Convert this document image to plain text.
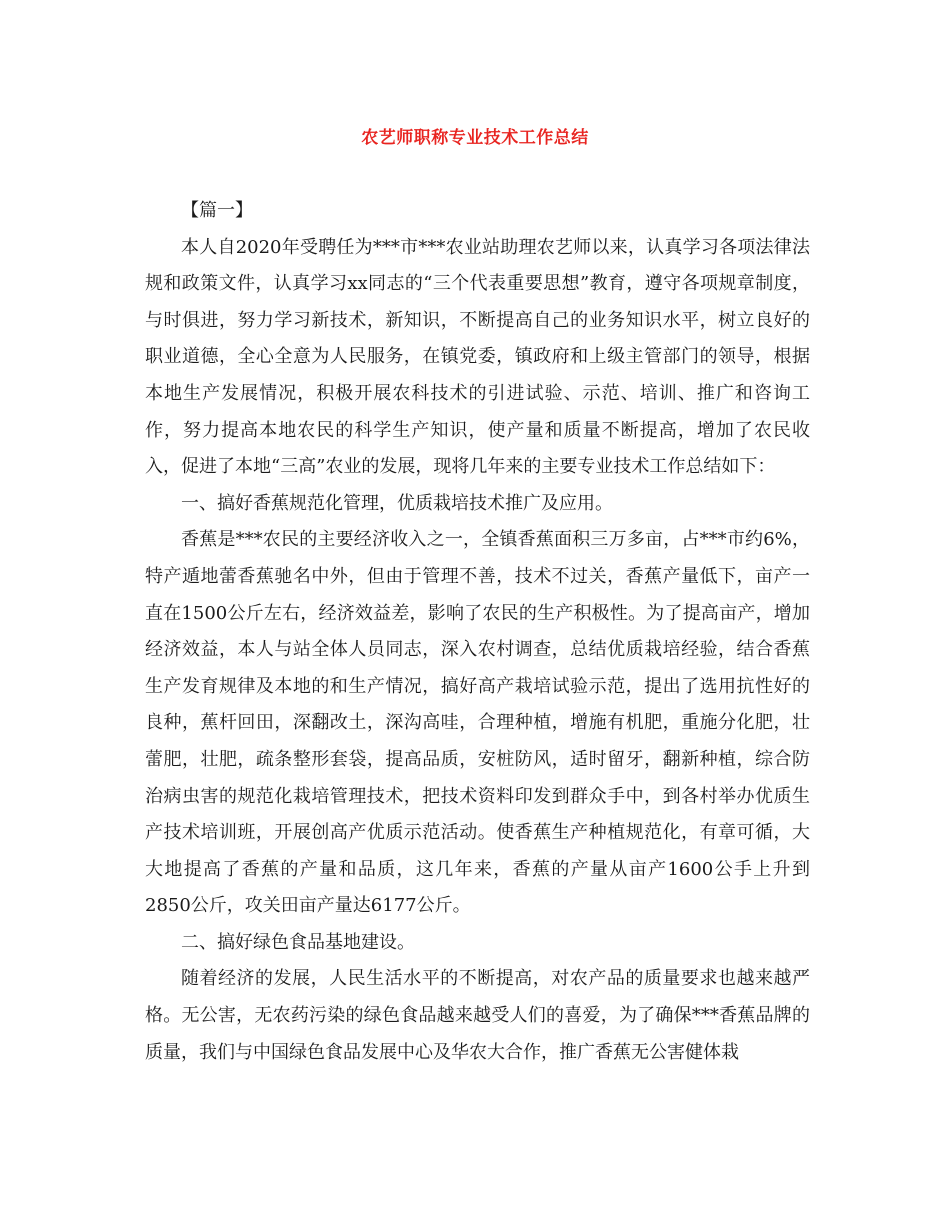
农艺师职称专业技术工作总结

【篇一】

本人自2020年受聘任为***市***农业站助理农艺师以来，认真学习各项法律法规和政策文件，认真学习xx同志的“三个代表重要思想”教育，遵守各项规章制度，与时俱进，努力学习新技术，新知识，不断提高自己的业务知识水平，树立良好的职业道德，全心全意为人民服务，在镇党委，镇政府和上级主管部门的领导，根据本地生产发展情况，积极开展农科技术的引进试验、示范、培训、推广和咨询工作，努力提高本地农民的科学生产知识，使产量和质量不断提高，增加了农民收入，促进了本地“三高”农业的发展，现将几年来的主要专业技术工作总结如下：

一、搞好香蕉规范化管理，优质栽培技术推广及应用。

香蕉是***农民的主要经济收入之一，全镇香蕉面积三万多亩，占***市约6%，特产遁地蕾香蕉驰名中外，但由于管理不善，技术不过关，香蕉产量低下，亩产一直在1500公斤左右，经济效益差，影响了农民的生产积极性。为了提高亩产，增加经济效益，本人与站全体人员同志，深入农村调查，总结优质栽培经验，结合香蕉生产发育规律及本地的和生产情况，搞好高产栽培试验示范，提出了选用抗性好的良种，蕉杆回田，深翻改土，深沟高哇，合理种植，增施有机肥，重施分化肥，壮蕾肥，壮肥，疏条整形套袋，提高品质，安桩防风，适时留牙，翻新种植，综合防治病虫害的规范化栽培管理技术，把技术资料印发到群众手中，到各村举办优质生产技术培训班，开展创高产优质示范活动。使香蕉生产种植规范化，有章可循，大大地提高了香蕉的产量和品质，这几年来，香蕉的产量从亩产1600公手上升到2850公斤，攻关田亩产量达6177公斤。

二、搞好绿色食品基地建设。

随着经济的发展，人民生活水平的不断提高，对农产品的质量要求也越来越严格。无公害，无农药污染的绿色食品越来越受人们的喜爱，为了确保***香蕉品牌的质量，我们与中国绿色食品发展中心及华农大合作，推广香蕉无公害健体栽
